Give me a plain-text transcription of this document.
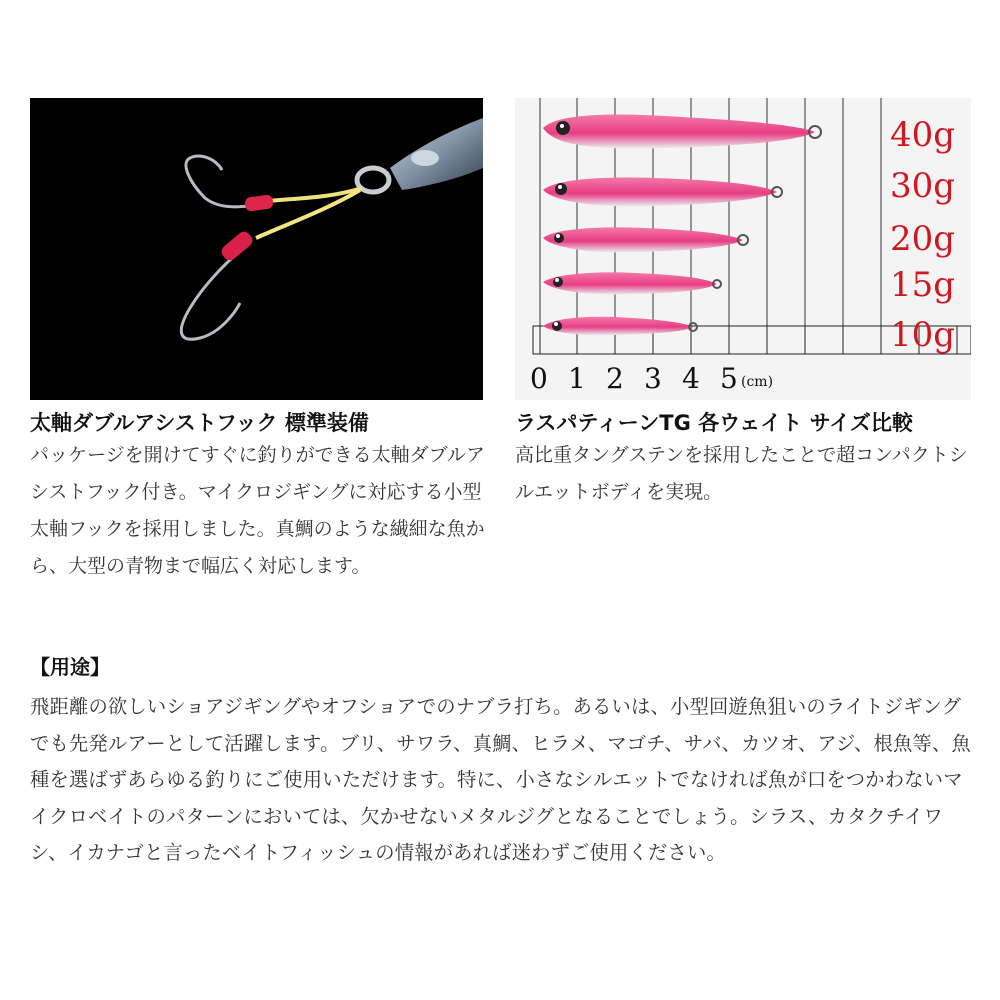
40g
30g
20g
15g
10g
0 1 2 3 4 5 (cm)
太軸ダブルアシストフック 標準装備
パッケージを開けてすぐに釣りができる太軸ダブルアシストフック付き。マイクロジギングに対応する小型太軸フックを採用しました。真鯛のような繊細な魚から、大型の青物まで幅広く対応します。
ラスパティーンTG 各ウェイト サイズ比較
高比重タングステンを採用したことで超コンパクトシルエットボディを実現。
【用途】
飛距離の欲しいショアジギングやオフショアでのナブラ打ち。あるいは、小型回遊魚狙いのライトジギングでも先発ルアーとして活躍します。ブリ、サワラ、真鯛、ヒラメ、マゴチ、サバ、カツオ、アジ、根魚等、魚種を選ばずあらゆる釣りにご使用いただけます。特に、小さなシルエットでなければ魚が口をつかわないマイクロベイトのパターンにおいては、欠かせないメタルジグとなることでしょう。シラス、カタクチイワシ、イカナゴと言ったベイトフィッシュの情報があれば迷わずご使用ください。
